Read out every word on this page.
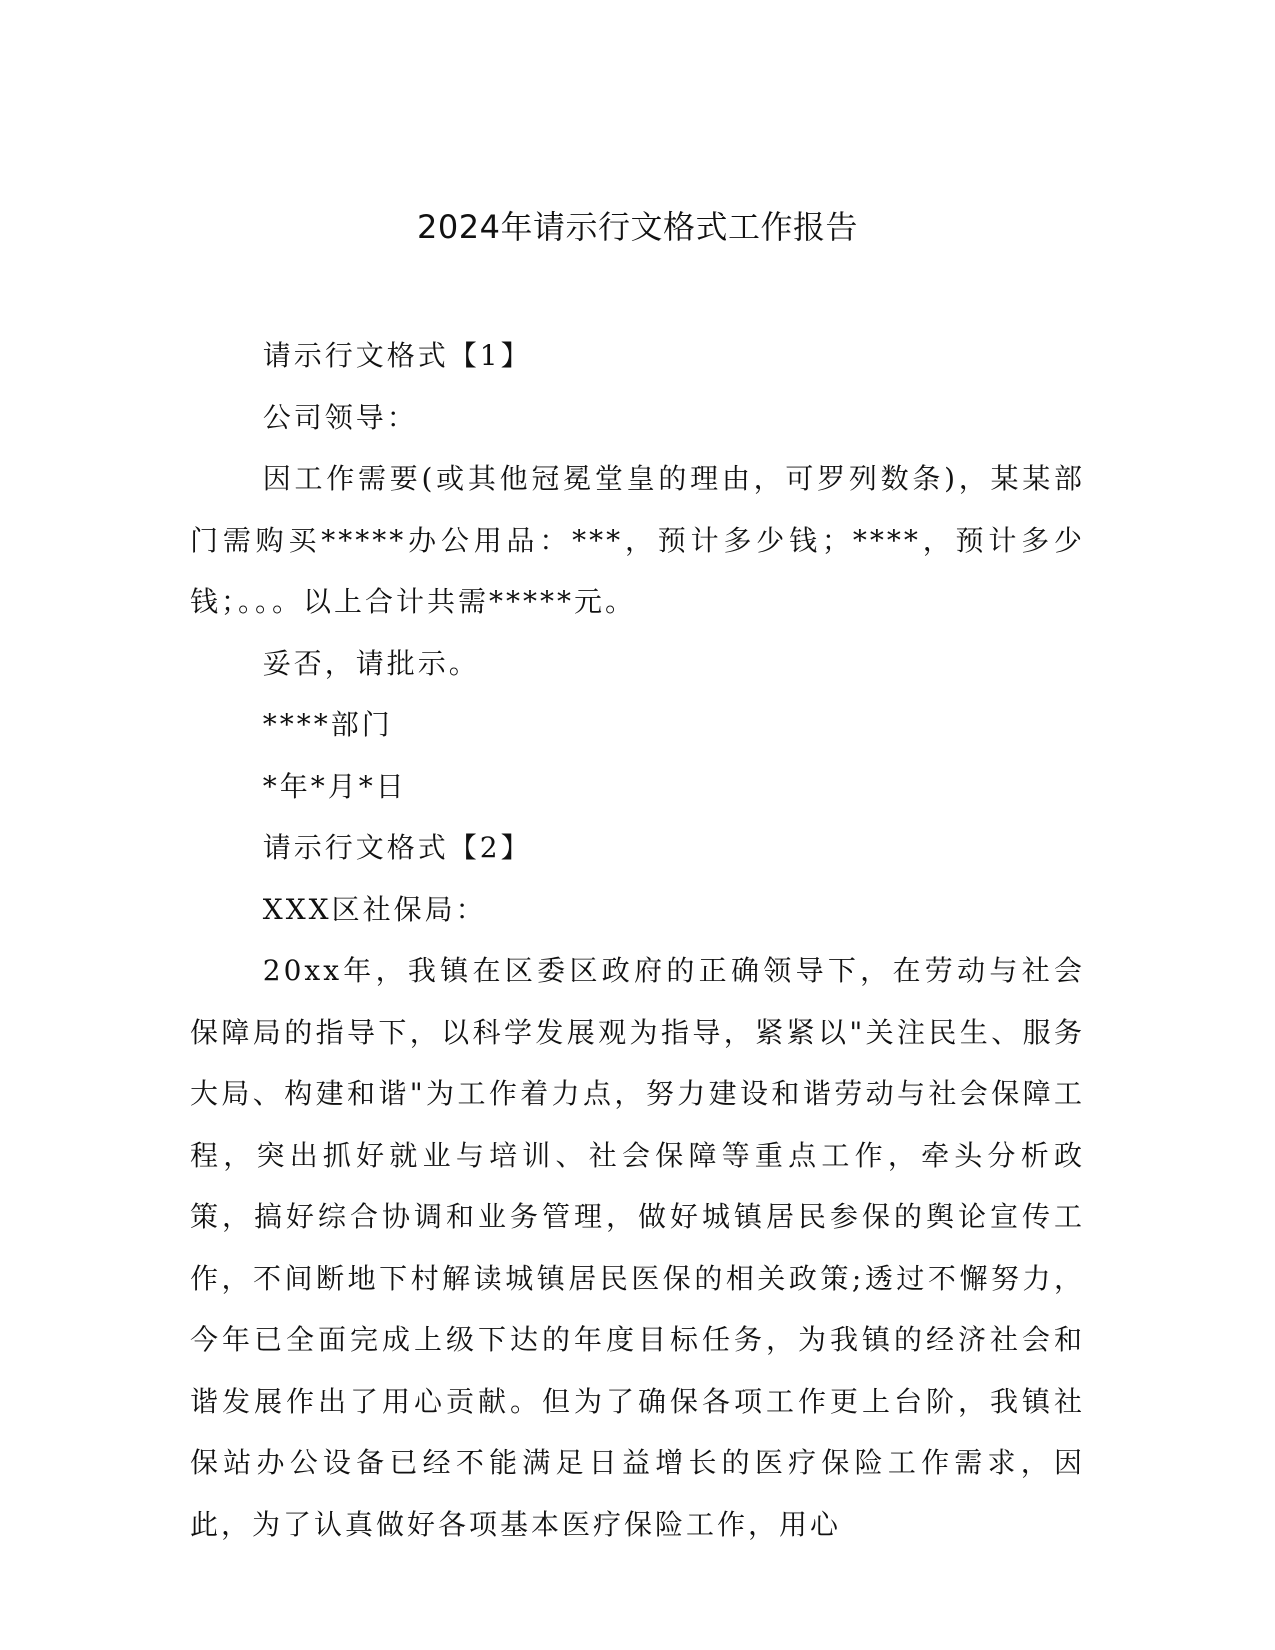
2024年请示行文格式工作报告

请示行文格式【1】

公司领导：

因工作需要(或其他冠冕堂皇的理由，可罗列数条)，某某部门需购买*****办公用品：***，预计多少钱；****，预计多少钱；。。。以上合计共需*****元。

妥否，请批示。

****部门

*年*月*日

请示行文格式【2】

XXX区社保局：

20xx年，我镇在区委区政府的正确领导下，在劳动与社会保障局的指导下，以科学发展观为指导，紧紧以"关注民生、服务大局、构建和谐"为工作着力点，努力建设和谐劳动与社会保障工程，突出抓好就业与培训、社会保障等重点工作，牵头分析政策，搞好综合协调和业务管理，做好城镇居民参保的舆论宣传工作，不间断地下村解读城镇居民医保的相关政策;透过不懈努力，今年已全面完成上级下达的年度目标任务，为我镇的经济社会和谐发展作出了用心贡献。但为了确保各项工作更上台阶，我镇社保站办公设备已经不能满足日益增长的医疗保险工作需求，因此，为了认真做好各项基本医疗保险工作，用心
